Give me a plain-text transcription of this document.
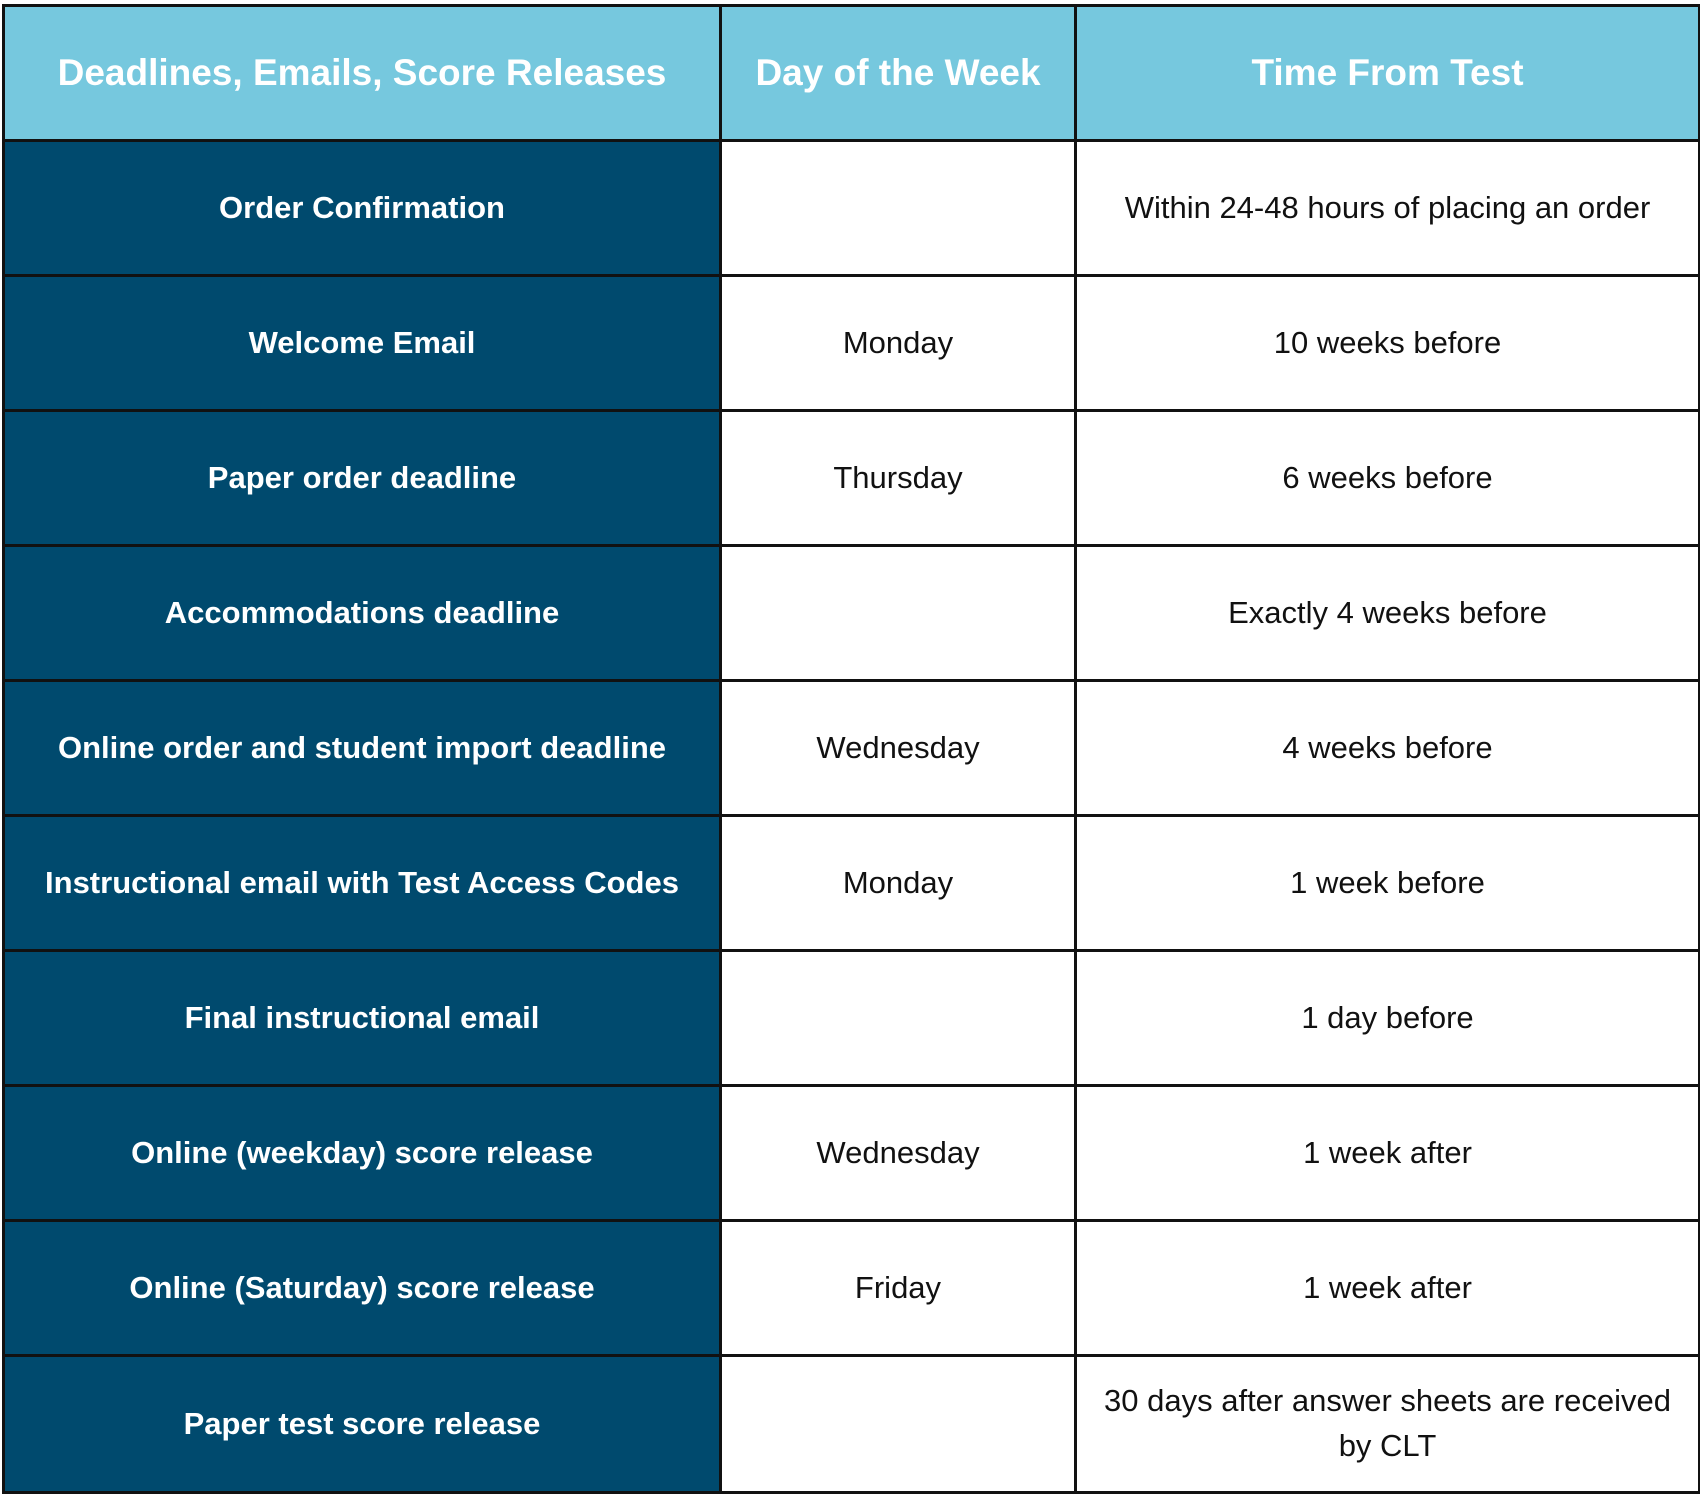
Deadlines, Emails, Score Releases	Day of the Week	Time From Test
Order Confirmation		Within 24-48 hours of placing an order
Welcome Email	Monday	10 weeks before
Paper order deadline	Thursday	6 weeks before
Accommodations deadline		Exactly 4 weeks before
Online order and student import deadline	Wednesday	4 weeks before
Instructional email with Test Access Codes	Monday	1 week before
Final instructional email		1 day before
Online (weekday) score release	Wednesday	1 week after
Online (Saturday) score release	Friday	1 week after
Paper test score release		30 days after answer sheets are received by CLT
